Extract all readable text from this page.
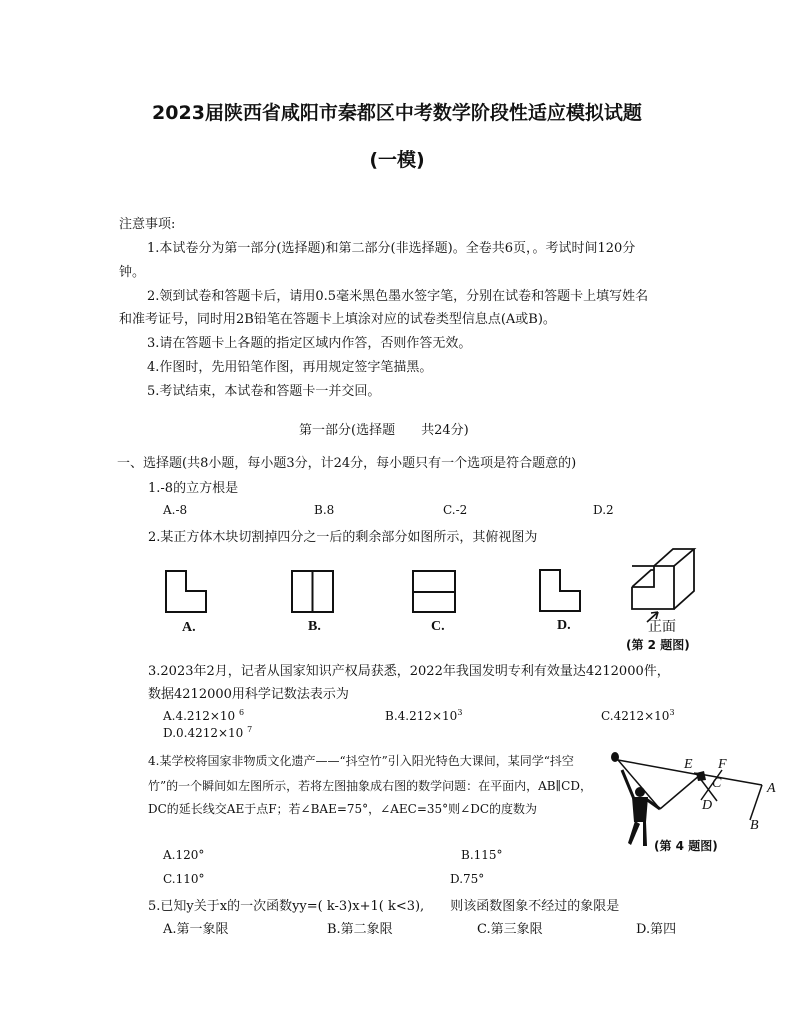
2023届陕西省咸阳市秦都区中考数学阶段性适应模拟试题
(一模)
注意事项:
1.本试卷分为第一部分(选择题)和第二部分(非选择题)。全卷共6页，。考试时间120分
钟。
2.领到试卷和答题卡后，请用0.5毫米黑色墨水签字笔，分别在试卷和答题卡上填写姓名
和准考证号，同时用2B铅笔在答题卡上填涂对应的试卷类型信息点(A或B)。
3.请在答题卡上各题的指定区域内作答，否则作答无效。
4.作图时，先用铅笔作图，再用规定签字笔描黑。
5.考试结束，本试卷和答题卡一并交回。
第一部分(选择题　　共24分)
一、选择题(共8小题，每小题3分，计24分，每小题只有一个选项是符合题意的)
1.-8的立方根是
A.-8	B.8	C.-2	D.2
2.某正方体木块切割掉四分之一后的剩余部分如图所示，其俯视图为
A.	B.	C.	D.	正面
(第 2 题图)
3.2023年2月，记者从国家知识产权局获悉，2022年我国发明专利有效量达4212000件，
数据4212000用科学记数法表示为
A.4.212×10 $^6$	$B.4.212\times 10^3$	$C.4212\times 10^3$
D.0.4212×10 $^7$
4.某学校将国家非物质文化遗产——“抖空竹”引入阳光特色大课间，某同学“抖空
竹”的一个瞬间如左图所示，若将左图抽象成右图的数学问题：在平面内，AB∥CD，
DC的延长线交AE于点F；若∠BAE=75°，∠AEC=35°则∠DC的度数为
E F
C
D
A
B
(第 4 题图)
A.120°	B.115°
C.110°	D.75°
5.已知y关于x的一次函数yy=( k-3)x+1( k<3),　　则该函数图象不经过的象限是
A.第一象限	B.第二象限	C.第三象限	D.第四
